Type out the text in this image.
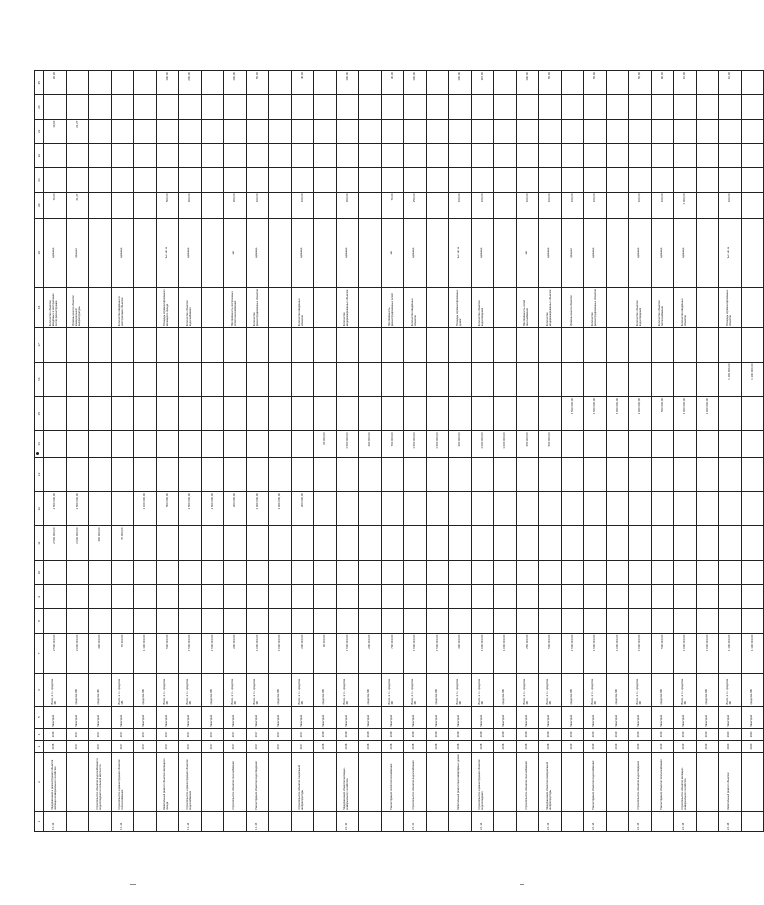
1	2	3	4	5	6	7	8	9	10	11	12	13	14	15	16	17	18	19	20	21	22	23	24	25
1.1.13	Модернизация и реконструкция объектов жилищно-коммунального хозяйства	2016	2016	Минстрой	Всего, в т.ч. средства ФБ	2 500 000,00				2 500 000,00	1 500 000,00						Количество объектов, введённых в эксплуатацию после реконструкции	единица	70,00			10,00		20,00
		2017	2017	Минстрой	средства МБ	2 000 000,00				2 000 000,00	1 500 000,00						Уровень износа объектов коммунальной инфраструктуры	процент	21,27			21,27		
	Строительство объектов водоснабжения и водоотведения в сельской местности	2017	2017	Минстрой	средства ФБ	400 000,00				400 000,00														
1.1.13	Строительство и реконструкция объектов теплоснабжения	2017	2017	Минстрой	Всего, в т.ч. средства МБ	70 000,00				70 000,00							Количество введённых в эксплуатацию объектов	единица						
		2017	2017	Минстрой	средства МБ	1 100 000,00					1 100 000,00													
	Капитальный ремонт объектов жилищного фонда	2017	2017	Минстрой	Всего, в т.ч. средства ФБ	500 000,00					500 000,00						Площадь отремонтированного жилищного фонда	тыс. кв. м	500,00					100,00
1.1.14	Строительство и реконструкция объектов водоснабжения	2017	2017	Минстрой	Всего, в т.ч. средства ФБ	1 500 000,00					1 500 000,00						Количество объектов водоснабжения	единица	600,00					200,00
		2017	2017	Минстрой	средства МБ	1 500 000,00					1 500 000,00													
	Строительство объектов газоснабжения	2017	2017	Минстрой	Всего, в т.ч. средства ФБ	200 000,00					200 000,00						Протяжённость построенных сетей газоснабжения	км	200,00					100,00
1.1.15	Реконструкция объектов водоотведения	2017	2017	Минстрой	Всего, в т.ч. средства ФБ	1 000 000,00					1 000 000,00						Количество реконструированных объектов	единица	100,00					50,00
		2017	2017	Минстрой	средства МБ	1 000 000,00					1 000 000,00													
	Строительство объектов социальной инфраструктуры	2017	2017	Минстрой	Всего, в т.ч. средства ФБ	200 000,00					200 000,00						Количество введённых объектов	единица	100,00					40,00
		2018	2018	Минстрой	средства МБ	20 000,00							20 000,00											
2.1.10	Модернизация объектов жилищно-коммунального хозяйства	2018	2018	Минстрой	Всего, в т.ч. средства ФБ	1 500 000,00							1 500 000,00				Количество модернизированных объектов	единица	200,00					100,00
		2018	2018	Минстрой	средства МБ	200 000,00							200 000,00											
	Реконструкция сетей теплоснабжения	2018	2018	Минстрой	Всего, в т.ч. средства ФБ	700 000,00							700 000,00				Протяжённость реконструированных сетей	км	70,00					30,00
2.1.11	Строительство объектов водоснабжения	2018	2018	Минстрой	Всего, в т.ч. средства ФБ	1 500 000,00							1 500 000,00				Количество введённых объектов	единица	250,00					100,00
		2018	2018	Минстрой	средства МБ	1 500 000,00							1 500 000,00											
	Капитальный ремонт многоквартирных домов	2018	2018	Минстрой	Всего, в т.ч. средства ФБ	300 000,00							300 000,00				Площадь отремонтированных домов	тыс. кв. м	100,00					100,00
2.1.12	Строительство и реконструкция объектов водоотведения	2018	2018	Минстрой	Всего, в т.ч. средства ФБ	1 000 000,00							1 000 000,00				Количество объектов водоотведения	единица	100,00					115,00
		2018	2018	Минстрой	средства МБ	1 000 000,00							1 000 000,00											
	Строительство объектов газоснабжения	2018	2018	Минстрой	Всего, в т.ч. средства ФБ	250 000,00							250 000,00				Протяжённость сетей газоснабжения	км	100,00					100,00
2.1.13	Модернизация объектов коммунальной инфраструктуры	2018	2018	Минстрой	Всего, в т.ч. средства ФБ	500 000,00							500 000,00				Количество модернизированных объектов	единица	100,00					50,00
		2019	2019	Минстрой	средства МБ	1 500 000,00								1 500 000,00			Уровень износа объектов	процент	100,00					
2.1.14	Реконструкция объектов водоснабжения	2019	2019	Минстрой	Всего, в т.ч. средства ФБ	1 500 000,00								1 500 000,00			Количество реконструированных объектов	единица	100,00					50,00
		2019	2019	Минстрой	средства МБ	1 000 000,00								1 000 000,00										
2.1.15	Строительство объектов водоотведения	2019	2019	Минстрой	Всего, в т.ч. средства ФБ	1 000 000,00								1 000 000,00			Количество объектов водоотведения	единица	100,00					50,00
	Реконструкция объектов теплоснабжения	2019	2019	Минстрой	средства МБ	500 000,00								500 000,00			Количество объектов теплоснабжения	единица	100,00					90,00
2.1.16	Строительство объектов жилищно-коммунального хозяйства	2019	2019	Минстрой	Всего, в т.ч. средства ФБ	1 000 000,00								1 000 000,00			Количество введённых объектов	единица	1 000,00					10,00
		2019	2019	Минстрой	средства МБ	1 000 000,00								1 000 000,00										
2.1.16	Капитальный ремонт объектов	2020	2020	Минстрой	Всего, в т.ч. средства ФБ	1 100 000,00									1 100 000,00		Площадь отремонтированных объектов	тыс. кв. м	100,00					10,00
		2020	2020	Минстрой	средства МБ	1 100 000,00									1 100 000,00									
